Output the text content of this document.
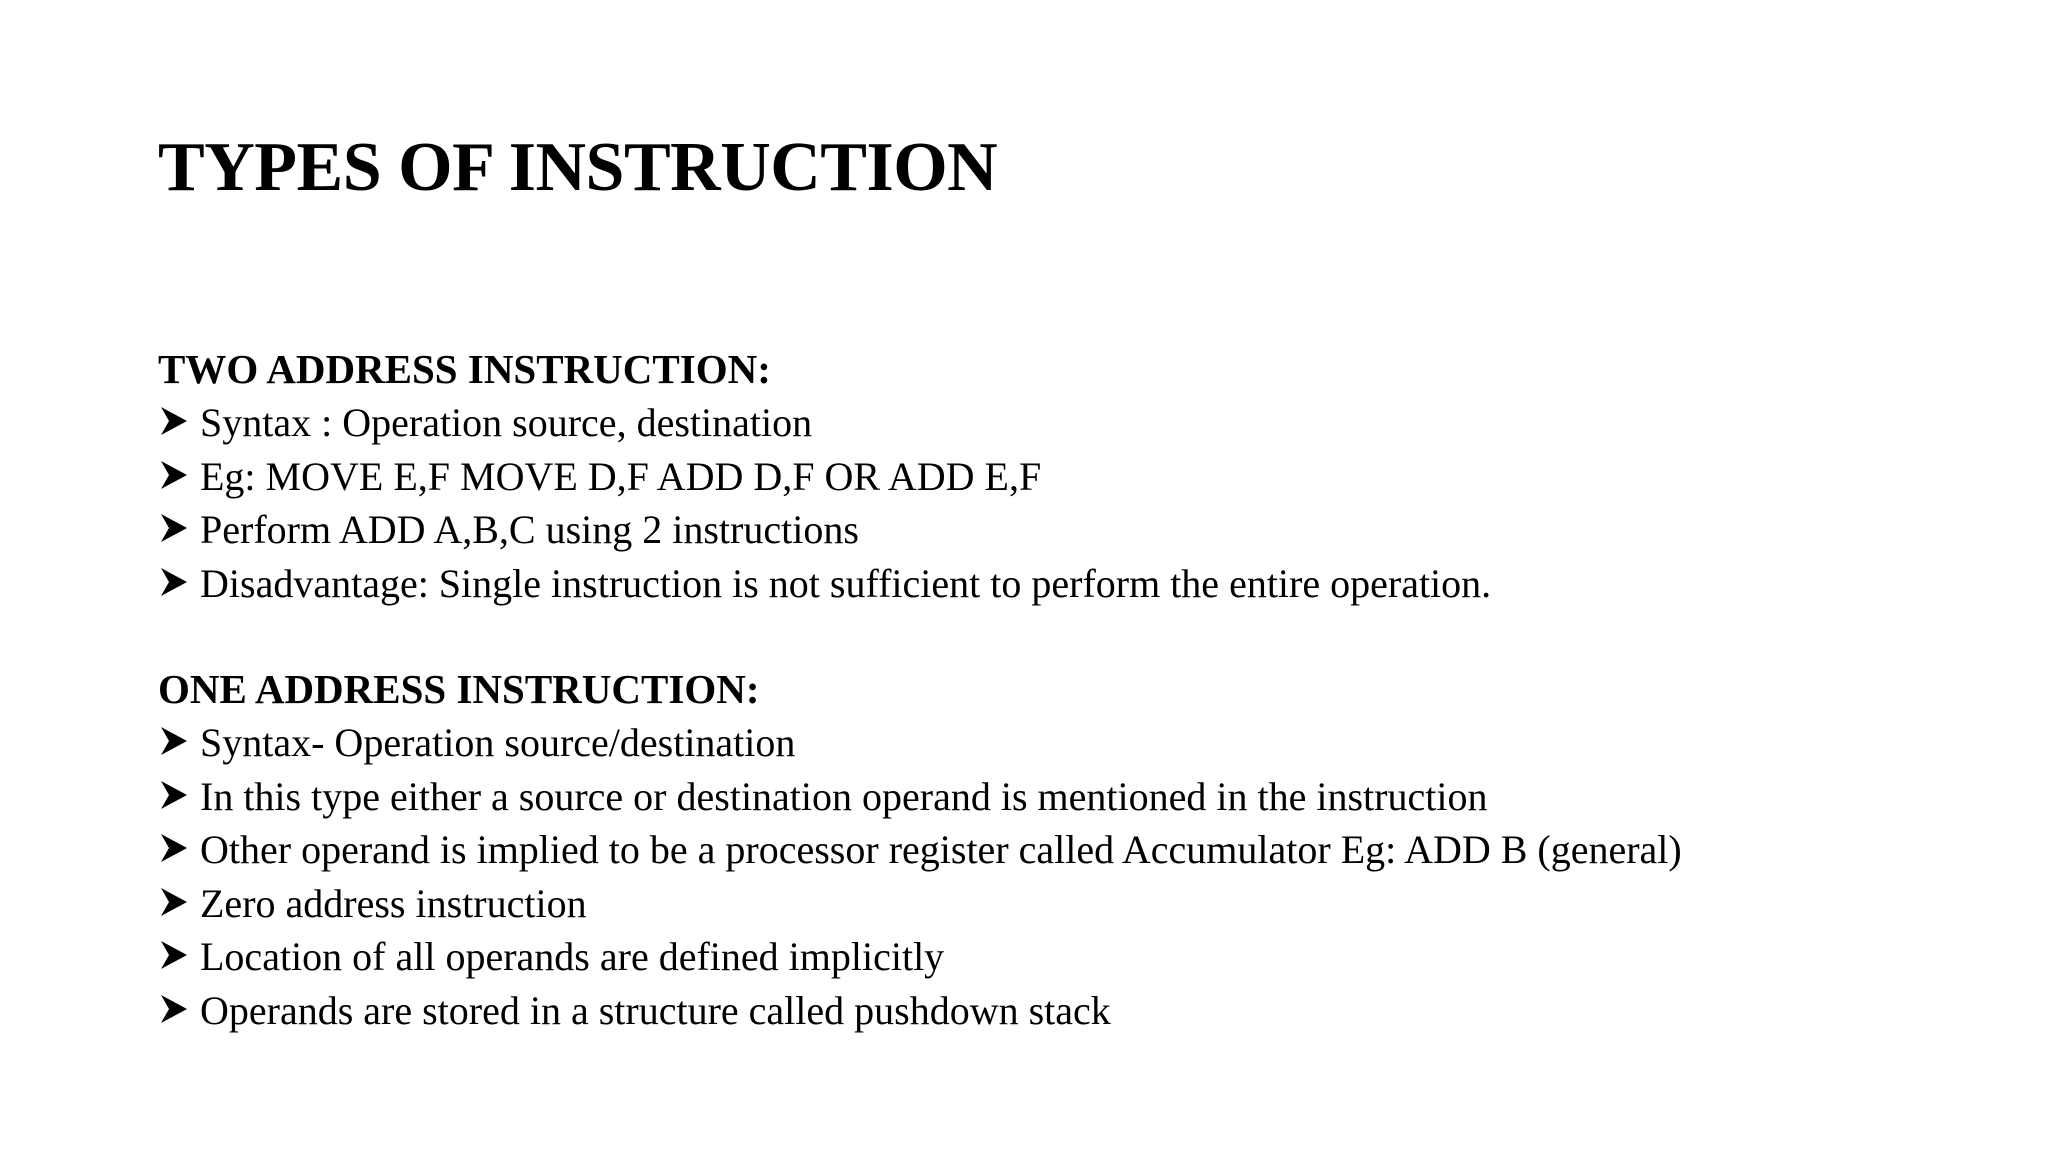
TYPES OF INSTRUCTION
TWO ADDRESS INSTRUCTION:
Syntax : Operation source, destination
Eg: MOVE E,F MOVE D,F ADD D,F OR ADD E,F
Perform ADD A,B,C using 2 instructions
Disadvantage: Single instruction is not sufficient to perform the entire operation.
ONE ADDRESS INSTRUCTION:
Syntax- Operation source/destination
In this type either a source or destination operand is mentioned in the instruction
Other operand is implied to be a processor register called Accumulator Eg: ADD B (general)
Zero address instruction
Location of all operands are defined implicitly
Operands are stored in a structure called pushdown stack
